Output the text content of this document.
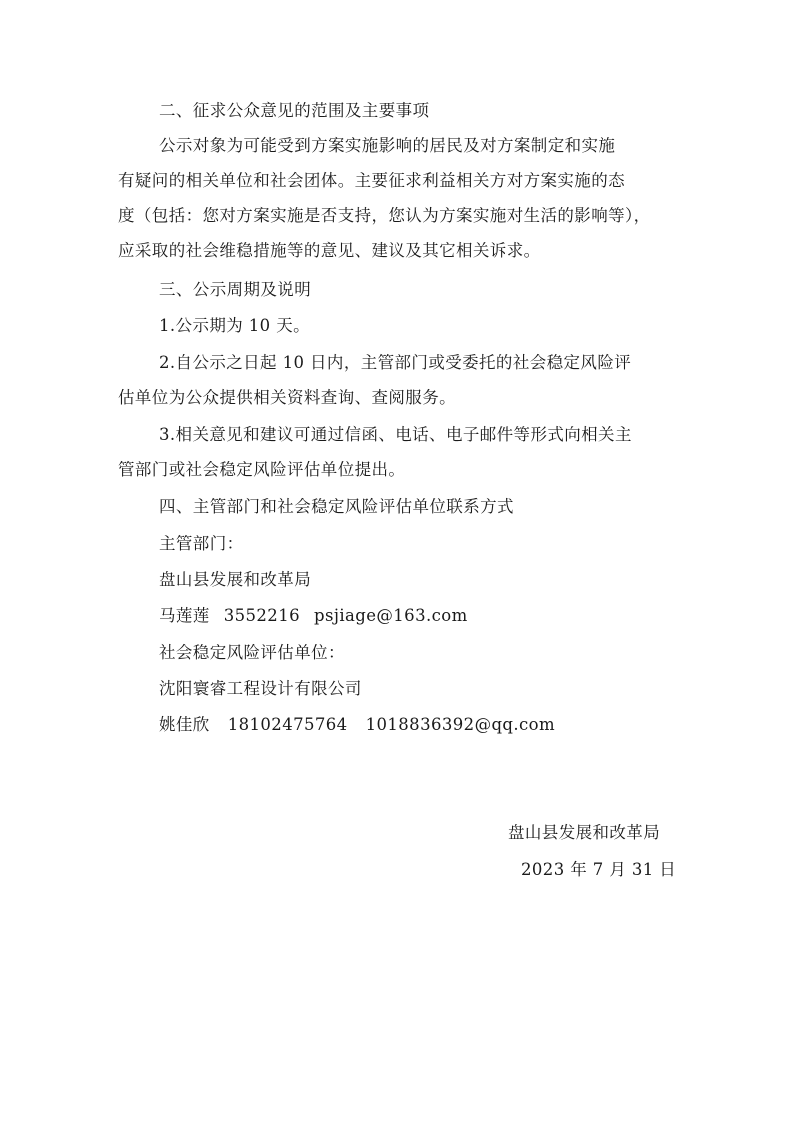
二、征求公众意见的范围及主要事项
公示对象为可能受到方案实施影响的居民及对方案制定和实施
有疑问的相关单位和社会团体。主要征求利益相关方对方案实施的态
度（包括：您对方案实施是否支持，您认为方案实施对生活的影响等），
应采取的社会维稳措施等的意见、建议及其它相关诉求。
三、公示周期及说明
1.公示期为 10 天。
2.自公示之日起 10 日内，主管部门或受委托的社会稳定风险评
估单位为公众提供相关资料查询、查阅服务。
3.相关意见和建议可通过信函、电话、电子邮件等形式向相关主
管部门或社会稳定风险评估单位提出。
四、主管部门和社会稳定风险评估单位联系方式
主管部门：
盘山县发展和改革局
马莲莲 3552216 psjiage@163.com
社会稳定风险评估单位：
沈阳寰睿工程设计有限公司
姚佳欣 18102475764 1018836392@qq.com
盘山县发展和改革局
2023 年 7 月 31 日
